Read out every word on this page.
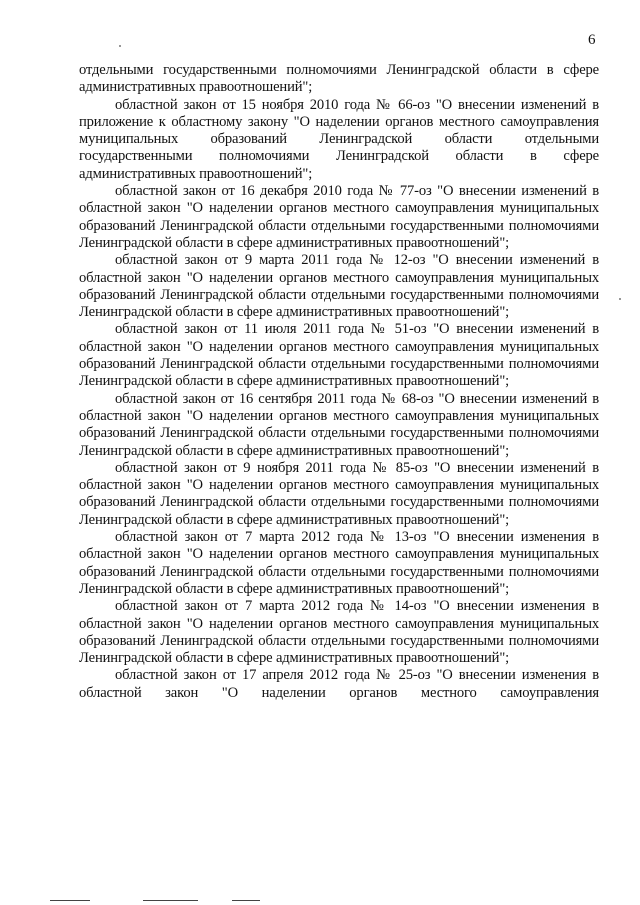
6

отдельными государственными полномочиями Ленинградской области в сфере административных правоотношений";

областной закон от 15 ноября 2010 года № 66-оз "О внесении изменений в приложение к областному закону "О наделении органов местного самоуправления муниципальных образований Ленинградской области отдельными государственными полномочиями Ленинградской области в сфере административных правоотношений";

областной закон от 16 декабря 2010 года № 77-оз "О внесении изменений в областной закон "О наделении органов местного самоуправления муниципальных образований Ленинградской области отдельными государственными полномочиями Ленинградской области в сфере административных правоотношений";

областной закон от 9 марта 2011 года № 12-оз "О внесении изменений в областной закон "О наделении органов местного самоуправления муниципальных образований Ленинградской области отдельными государственными полномочиями Ленинградской области в сфере административных правоотношений";

областной закон от 11 июля 2011 года № 51-оз "О внесении изменений в областной закон "О наделении органов местного самоуправления муниципальных образований Ленинградской области отдельными государственными полномочиями Ленинградской области в сфере административных правоотношений";

областной закон от 16 сентября 2011 года № 68-оз "О внесении изменений в областной закон "О наделении органов местного самоуправления муниципальных образований Ленинградской области отдельными государственными полномочиями Ленинградской области в сфере административных правоотношений";

областной закон от 9 ноября 2011 года № 85-оз "О внесении изменений в областной закон "О наделении органов местного самоуправления муниципальных образований Ленинградской области отдельными государственными полномочиями Ленинградской области в сфере административных правоотношений";

областной закон от 7 марта 2012 года № 13-оз "О внесении изменения в областной закон "О наделении органов местного самоуправления муниципальных образований Ленинградской области отдельными государственными полномочиями Ленинградской области в сфере административных правоотношений";

областной закон от 7 марта 2012 года № 14-оз "О внесении изменения в областной закон "О наделении органов местного самоуправления муниципальных образований Ленинградской области отдельными государственными полномочиями Ленинградской области в сфере административных правоотношений";

областной закон от 17 апреля 2012 года № 25-оз "О внесении изменения в областной закон "О наделении органов местного самоуправления
